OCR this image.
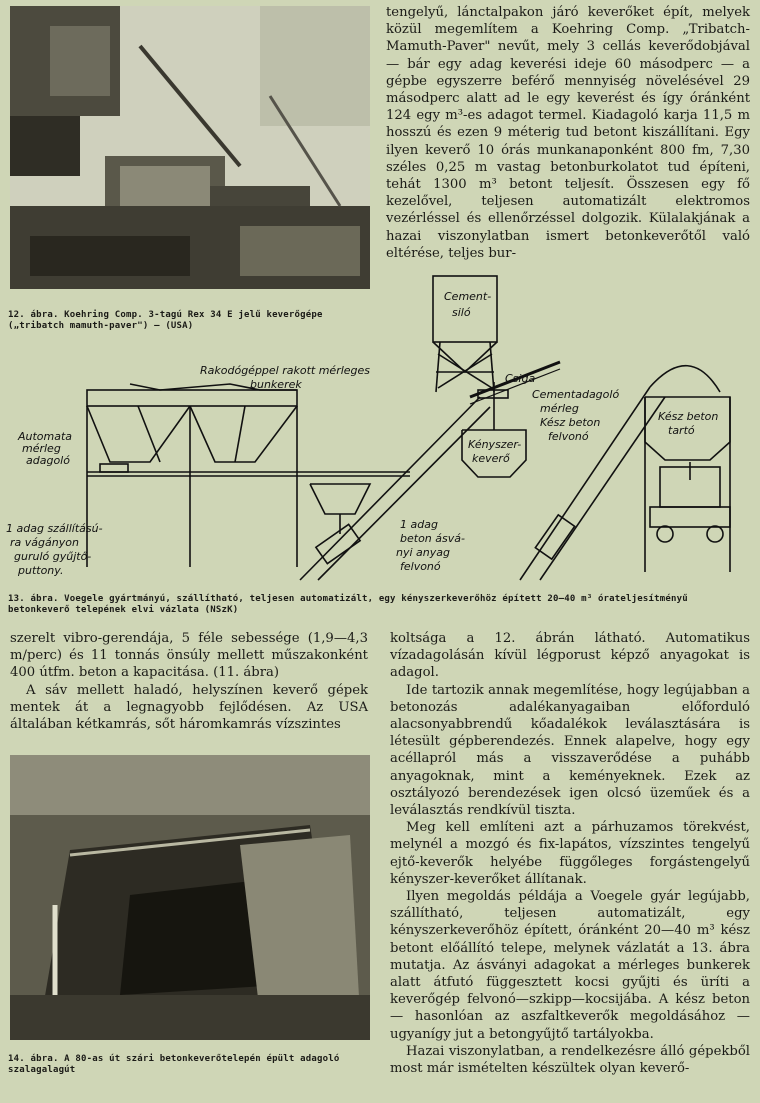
12. ábra. Koehring Comp. 3-tagú Rex 34 E jelű keverőgépe („tribatch mamuth-paver") — (USA)

tengelyű, lánctalpakon járó keverőket épít, melyek közül megemlítem a Koehring Comp. „Tribatch-Mamuth-Paver" nevűt, mely 3 cellás keverődobjával — bár egy adag keverési ideje 60 másodperc — a gépbe egyszerre beférő mennyiség növelésével 29 másodperc alatt ad le egy keverést és így óránként 124 egy m³-es adagot termel. Kiadagoló karja 11,5 m hosszú és ezen 9 méterig tud betont kiszállítani. Egy ilyen keverő 10 órás munkanaponként 800 fm, 7,30 széles 0,25 m vastag betonburkolatot tud építeni, tehát 1300 m³ betont teljesít. Összesen egy fő kezelővel, teljesen automatizált elektromos vezérléssel és ellenőrzéssel dolgozik. Külalakjának a hazai viszonylatban ismert betonkeverőtől való eltérése, teljes bur-

Cement-
siló
Csiga
Rakodógéppel rakott mérleges
bunkerek
Automata
mérleg
adagoló
Cementadagoló
mérleg
Kész beton
felvonó
Kényszer-
keverő
Kész beton
tartó
1 adag szállítású-
ra vágányon
guruló gyűjtő-
puttony.
1 adag
beton ásvá-
nyi anyag
felvonó
13. ábra. Voegele gyártmányú, szállítható, teljesen automatizált, egy kényszerkeverőhöz épített 20—40 m³ órateljesítményű betonkeverő telepének elvi vázlata (NSzK)

szerelt vibro-gerendája, 5 féle sebessége (1,9—4,3 m/perc) és 11 tonnás önsúly mellett műszakonként 400 útfm. beton a kapacitása. (11. ábra)

A sáv mellett haladó, helyszínen keverő gépek mentek át a legnagyobb fejlődésen. Az USA általában kétkamrás, sőt háromkamrás vízszintes

14. ábra. A 80-as út szári betonkeverőtelepén épült adagoló szalagalagút

koltsága a 12. ábrán látható. Automatikus vízadagolásán kívül légporust képző anyagokat is adagol.

Ide tartozik annak megemlítése, hogy legújabban a betonozás adalékanyagaiban előforduló alacsonyabbrendű kőadalékok leválasztására is létesült gépberendezés. Ennek alapelve, hogy egy acéllapról más a visszaverődése a puhább anyagoknak, mint a keményeknek. Ezek az osztályozó berendezések igen olcsó üzeműek és a leválasztás rendkívül tiszta.

Meg kell említeni azt a párhuzamos törekvést, melynél a mozgó és fix-lapátos, vízszintes tengelyű ejtő-keverők helyébe függőleges forgástengelyű kényszer-keverőket állítanak.

Ilyen megoldás példája a Voegele gyár legújabb, szállítható, teljesen automatizált, egy kényszerkeverőhöz épített, óránként 20—40 m³ kész betont előállító telepe, melynek vázlatát a 13. ábra mutatja. Az ásványi adagokat a mérleges bunkerek alatt átfutó függesztett kocsi gyűjti és üríti a keverőgép felvonó—szkipp—kocsijába. A kész beton — hasonlóan az aszfaltkeverők megoldásához — ugyanígy jut a betongyűjtő tartályokba.

Hazai viszonylatban, a rendelkezésre álló gépekből most már ismételten készültek olyan keverő-
